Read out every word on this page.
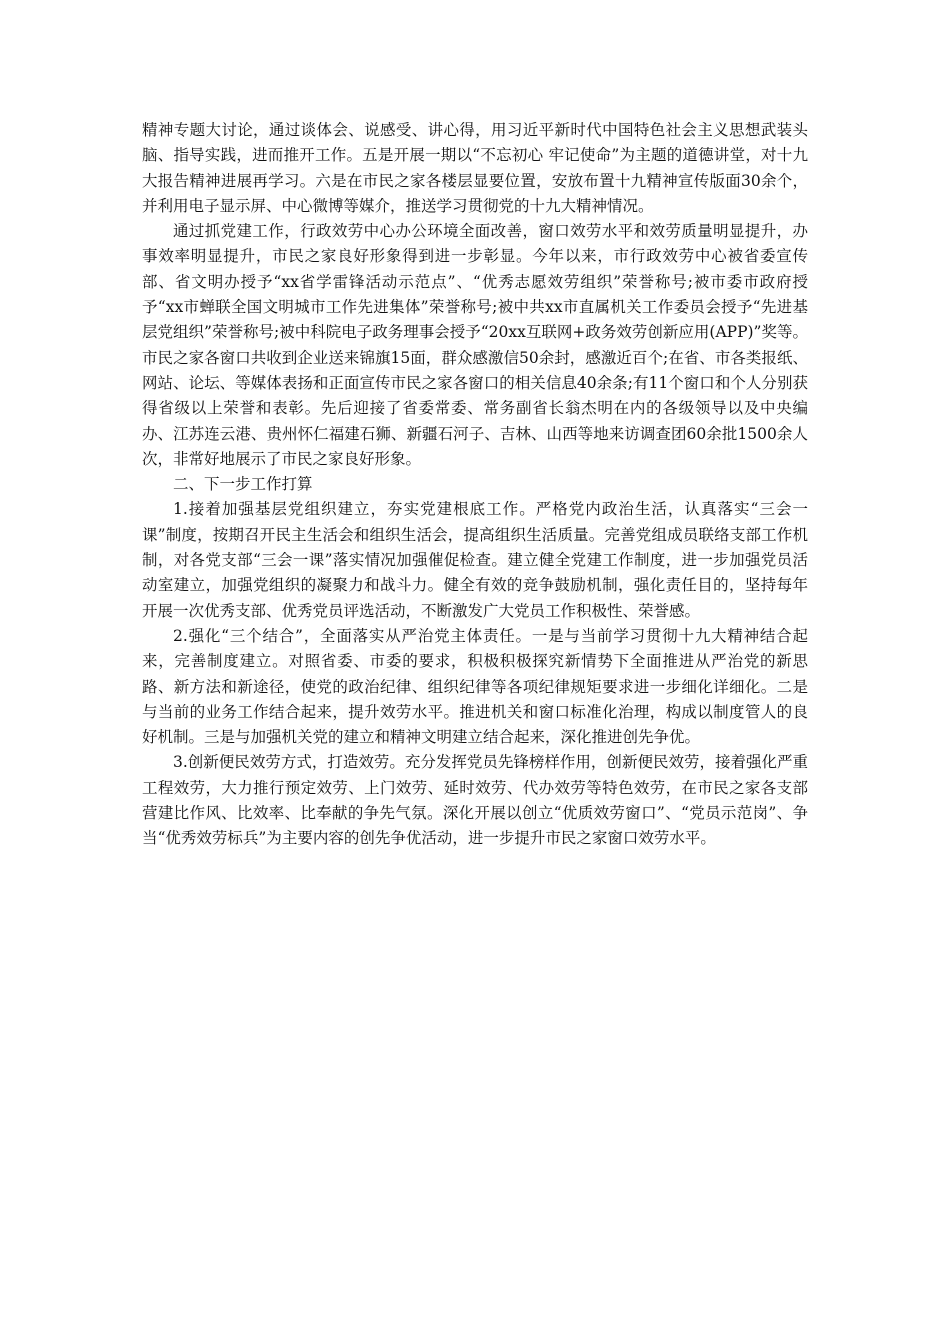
精神专题大讨论，通过谈体会、说感受、讲心得，用习近平新时代中国特色社会主义思想武装头脑、指导实践，进而推开工作。五是开展一期以“不忘初心 牢记使命”为主题的道德讲堂，对十九大报告精神进展再学习。六是在市民之家各楼层显要位置，安放布置十九精神宣传版面30余个，并利用电子显示屏、中心微博等媒介，推送学习贯彻党的十九大精神情况。

通过抓党建工作，行政效劳中心办公环境全面改善，窗口效劳水平和效劳质量明显提升，办事效率明显提升，市民之家良好形象得到进一步彰显。今年以来，市行政效劳中心被省委宣传部、省文明办授予“xx省学雷锋活动示范点”、“优秀志愿效劳组织”荣誉称号;被市委市政府授予“xx市蝉联全国文明城市工作先进集体”荣誉称号;被中共xx市直属机关工作委员会授予“先进基层党组织”荣誉称号;被中科院电子政务理事会授予“20xx互联网+政务效劳创新应用(APP)”奖等。市民之家各窗口共收到企业送来锦旗15面，群众感激信50余封，感激近百个;在省、市各类报纸、网站、论坛、等媒体表扬和正面宣传市民之家各窗口的相关信息40余条;有11个窗口和个人分别获得省级以上荣誉和表彰。先后迎接了省委常委、常务副省长翁杰明在内的各级领导以及中央编办、江苏连云港、贵州怀仁福建石狮、新疆石河子、吉林、山西等地来访调查团60余批1500余人次，非常好地展示了市民之家良好形象。

二、下一步工作打算

1.接着加强基层党组织建立，夯实党建根底工作。严格党内政治生活，认真落实“三会一课”制度，按期召开民主生活会和组织生活会，提高组织生活质量。完善党组成员联络支部工作机制，对各党支部“三会一课”落实情况加强催促检查。建立健全党建工作制度，进一步加强党员活动室建立，加强党组织的凝聚力和战斗力。健全有效的竞争鼓励机制，强化责任目的，坚持每年开展一次优秀支部、优秀党员评选活动，不断激发广大党员工作积极性、荣誉感。

2.强化“三个结合”，全面落实从严治党主体责任。一是与当前学习贯彻十九大精神结合起来，完善制度建立。对照省委、市委的要求，积极积极探究新情势下全面推进从严治党的新思路、新方法和新途径，使党的政治纪律、组织纪律等各项纪律规矩要求进一步细化详细化。二是与当前的业务工作结合起来，提升效劳水平。推进机关和窗口标准化治理，构成以制度管人的良好机制。三是与加强机关党的建立和精神文明建立结合起来，深化推进创先争优。

3.创新便民效劳方式，打造效劳。充分发挥党员先锋榜样作用，创新便民效劳，接着强化严重工程效劳，大力推行预定效劳、上门效劳、延时效劳、代办效劳等特色效劳，在市民之家各支部营建比作风、比效率、比奉献的争先气氛。深化开展以创立“优质效劳窗口”、“党员示范岗”、争当“优秀效劳标兵”为主要内容的创先争优活动，进一步提升市民之家窗口效劳水平。
